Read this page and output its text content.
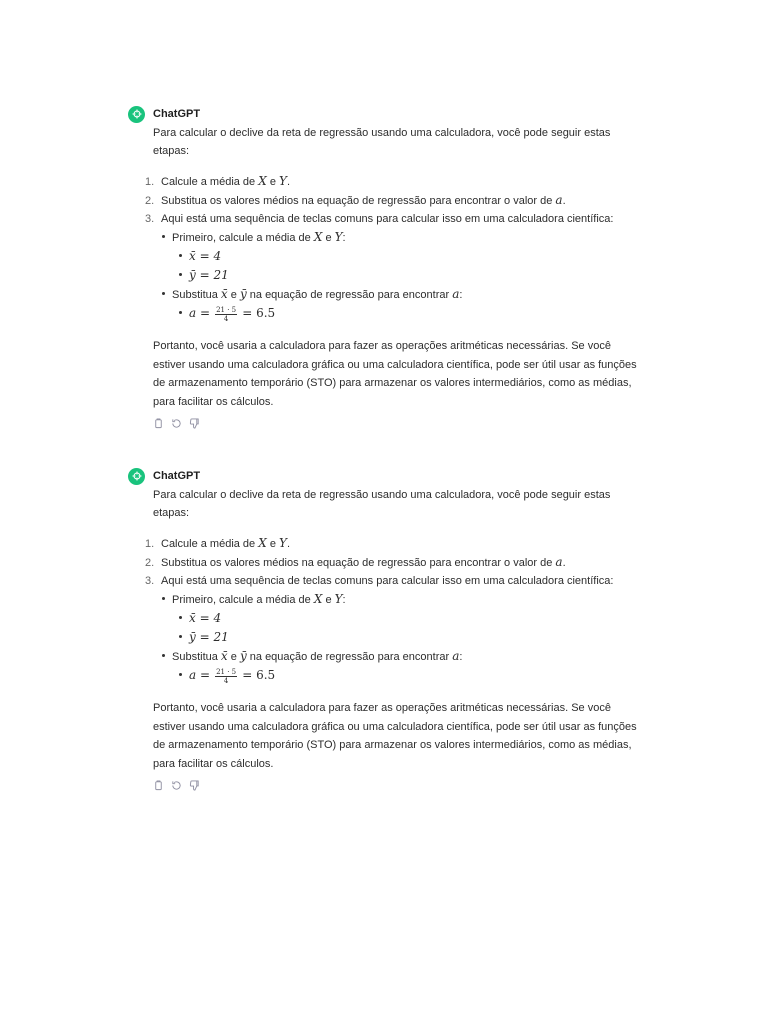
ChatGPT

Para calcular o declive da reta de regressão usando uma calculadora, você pode seguir estas etapas:

1. Calcule a média de X e Y.
2. Substitua os valores médios na equação de regressão para encontrar o valor de a.
3. Aqui está uma sequência de teclas comuns para calcular isso em uma calculadora científica:
Primeiro, calcule a média de X e Y:
x̄ = 4
ȳ = 21
Substitua x̄ e ȳ na equação de regressão para encontrar a:
$a = \frac{21 \cdot 5}{4} = 6.5$

Portanto, você usaria a calculadora para fazer as operações aritméticas necessárias. Se você estiver usando uma calculadora gráfica ou uma calculadora científica, pode ser útil usar as funções de armazenamento temporário (STO) para armazenar os valores intermediários, como as médias, para facilitar os cálculos.

ChatGPT

Para calcular o declive da reta de regressão usando uma calculadora, você pode seguir estas etapas:

1. Calcule a média de X e Y.
2. Substitua os valores médios na equação de regressão para encontrar o valor de a.
3. Aqui está uma sequência de teclas comuns para calcular isso em uma calculadora científica:
Primeiro, calcule a média de X e Y:
x̄ = 4
ȳ = 21
Substitua x̄ e ȳ na equação de regressão para encontrar a:
$a = \frac{21 \cdot 5}{4} = 6.5$

Portanto, você usaria a calculadora para fazer as operações aritméticas necessárias. Se você estiver usando uma calculadora gráfica ou uma calculadora científica, pode ser útil usar as funções de armazenamento temporário (STO) para armazenar os valores intermediários, como as médias, para facilitar os cálculos.
